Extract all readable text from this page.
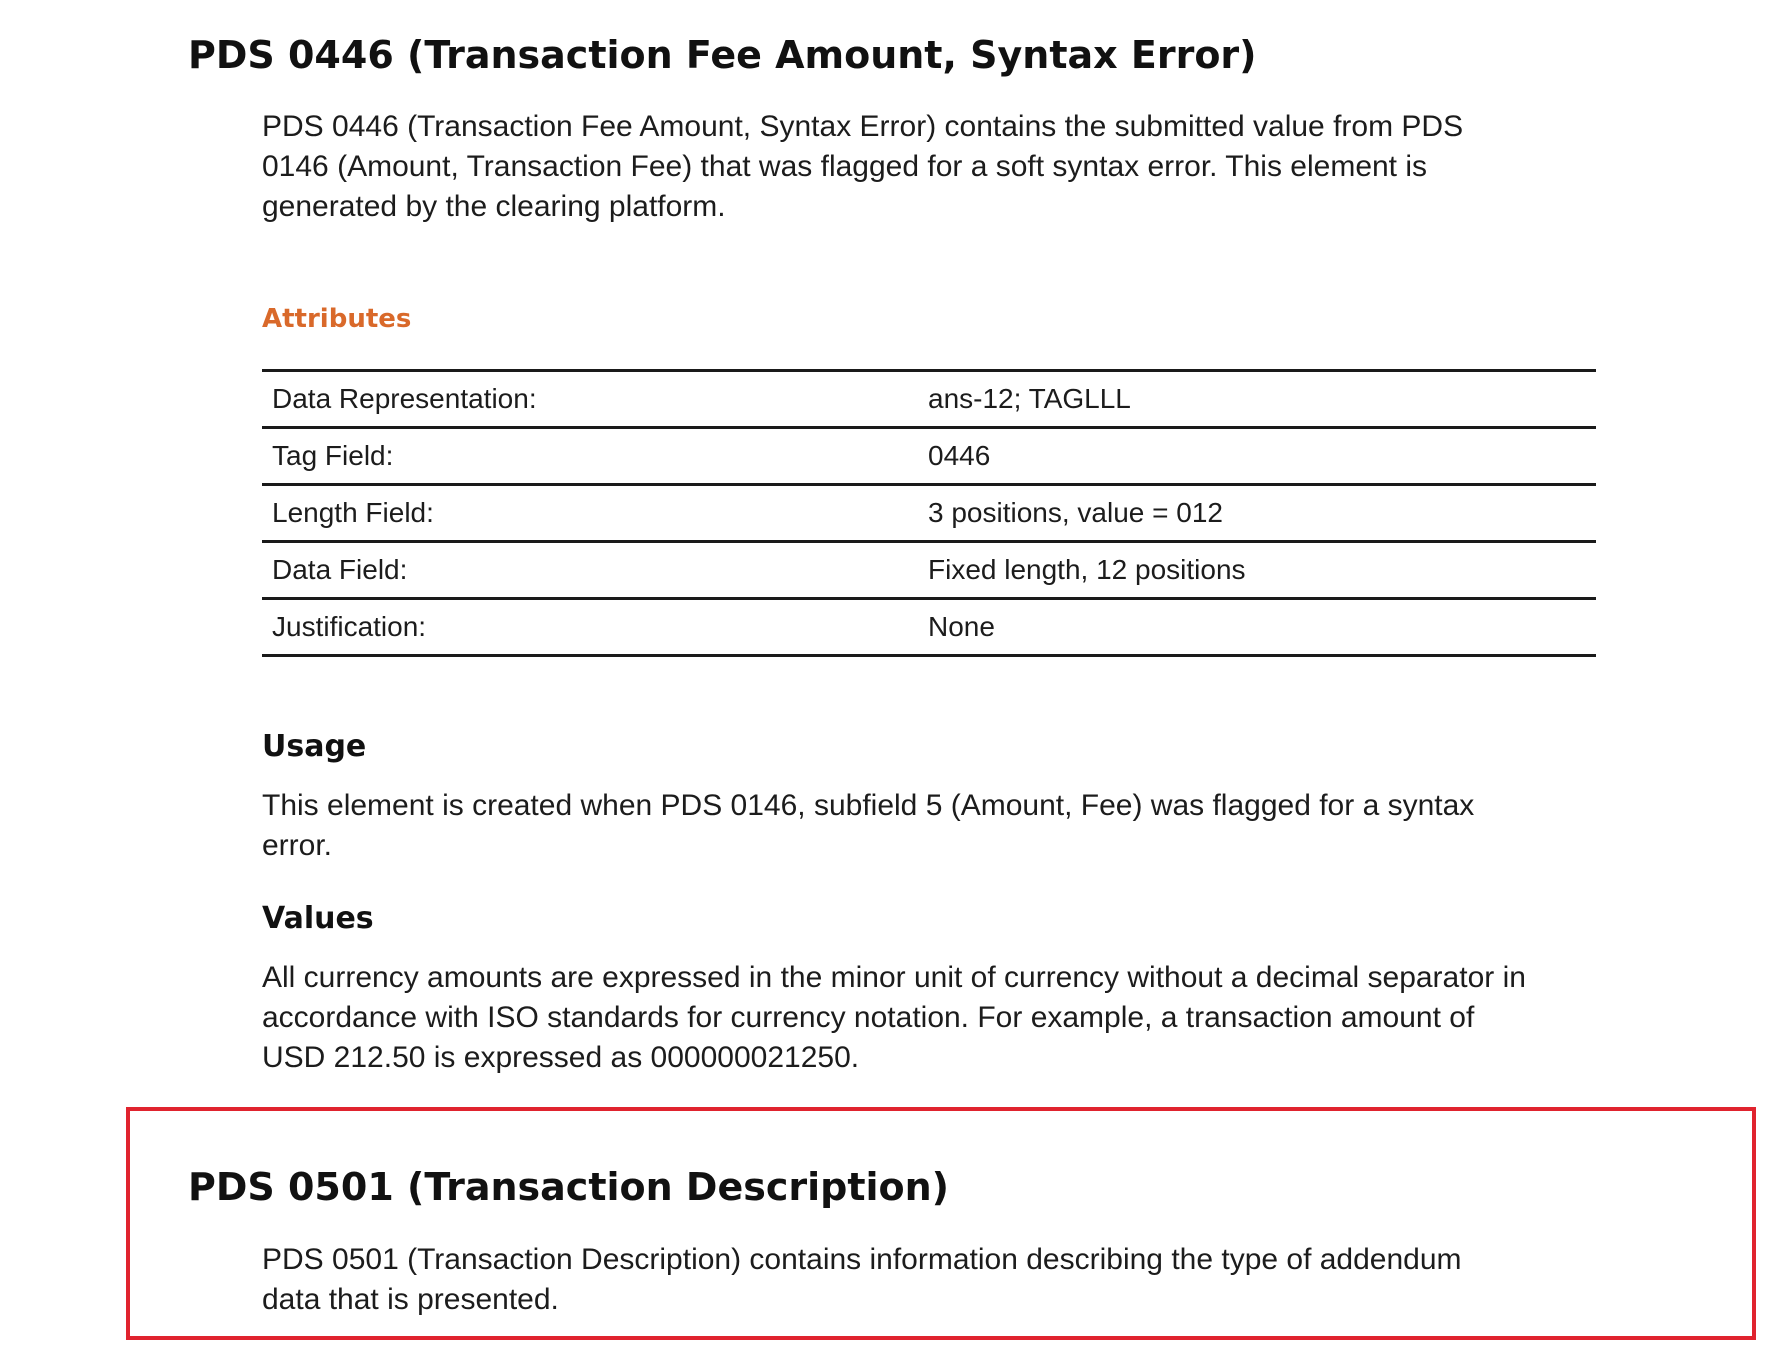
PDS 0446 (Transaction Fee Amount, Syntax Error)
PDS 0446 (Transaction Fee Amount, Syntax Error) contains the submitted value from PDS
0146 (Amount, Transaction Fee) that was flagged for a soft syntax error. This element is
generated by the clearing platform.
Attributes
Data Representation:	ans-12; TAGLLL
Tag Field:	0446
Length Field:	3 positions, value = 012
Data Field:	Fixed length, 12 positions
Justification:	None
Usage
This element is created when PDS 0146, subfield 5 (Amount, Fee) was flagged for a syntax
error.
Values
All currency amounts are expressed in the minor unit of currency without a decimal separator in
accordance with ISO standards for currency notation. For example, a transaction amount of
USD 212.50 is expressed as 000000021250.
PDS 0501 (Transaction Description)
PDS 0501 (Transaction Description) contains information describing the type of addendum
data that is presented.
